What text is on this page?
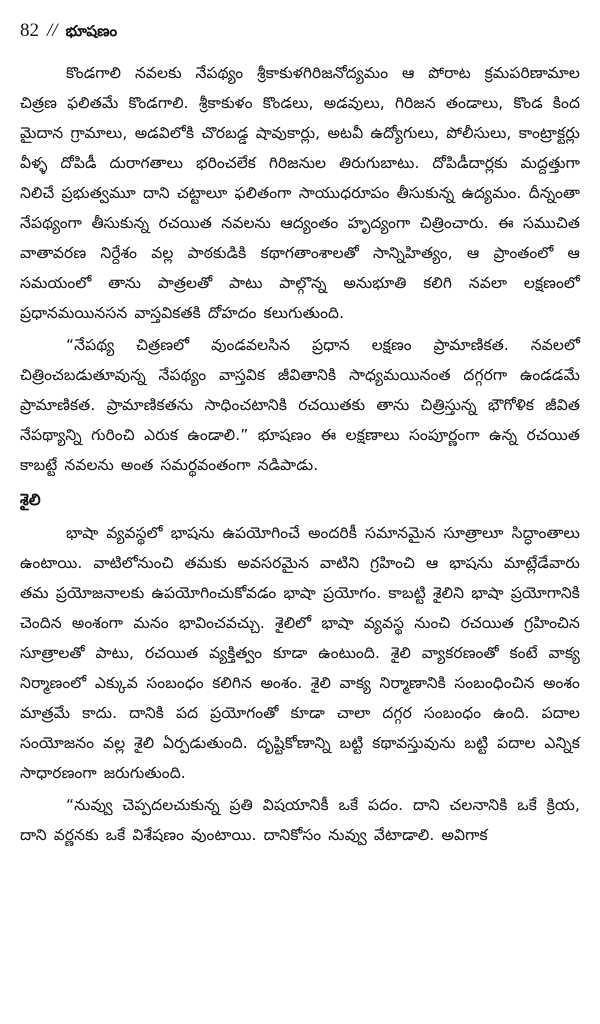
82 // భూషణం

కొండగాలి నవలకు నేపథ్యం శ్రీకాకుళగిరిజనోద్యమం ఆ పోరాట క్రమపరిణామాల చిత్రణ ఫలితమే కొండగాలి. శ్రీకాకుళం కొండలు, అడవులు, గిరిజన తండాలు, కొండ కింద మైదాన గ్రామాలు, అడవిలోకి చొరబడ్డ షావుకార్లు, అటవీ ఉద్యోగులు, పోలీసులు, కాంట్రాక్టర్లు వీళ్ళ దోపిడీ దురాగతాలు భరించలేక గిరిజనుల తిరుగుబాటు. దోపిడీదార్లకు మద్దత్తుగా నిలిచే ప్రభుత్వమూ దాని చట్టాలూ ఫలితంగా సాయుధరూపం తీసుకున్న ఉద్యమం. దీన్నంతా నేపథ్యంగా తీసుకున్న రచయిత నవలను ఆద్యంతం హృద్యంగా చిత్రించారు. ఈ సముచిత వాతావరణ నిర్దేశం వల్ల పాఠకుడికి కథాగతాంశాలతో సాన్నిహిత్యం, ఆ ప్రాంతంలో ఆ సమయంలో తాను పాత్రలతో పాటు పాల్గొన్న అనుభూతి కలిగి నవలా లక్షణంలో ప్రధానమయినసన వాస్తవికతకి దోహదం కలుగుతుంది.

“నేపథ్య చిత్రణలో వుండవలసిన ప్రధాన లక్షణం ప్రామాణికత. నవలలో చిత్రించబడుతూవున్న నేపథ్యం వాస్తవిక జీవితానికి సాధ్యమయినంత దగ్గరగా ఉండడమే ప్రామాణికత. ప్రామాణికతను సాధించటానికి రచయితకు తాను చిత్రిస్తున్న భౌగోళిక జీవిత నేపథ్యాన్ని గురించి ఎరుక ఉండాలి.” భూషణం ఈ లక్షణాలు సంపూర్ణంగా ఉన్న రచయిత కాబట్టే నవలను అంత సమర్థవంతంగా నడిపాడు.

శైలి

భాషా వ్యవస్థలో భాషను ఉపయోగించే అందరికీ సమానమైన సూత్రాలూ సిద్ధాంతాలు ఉంటాయి. వాటిలోనుంచి తమకు అవసరమైన వాటిని గ్రహించి ఆ భాషను మాట్లేడేవారు తమ ప్రయోజనాలకు ఉపయోగించుకోవడం భాషా ప్రయోగం. కాబట్టి శైలిని భాషా ప్రయోగానికి చెందిన అంశంగా మనం భావించవచ్చు. శైలిలో భాషా వ్యవస్థ నుంచి రచయిత గ్రహించిన సూత్రాలతో పాటు, రచయిత వ్యక్తిత్వం కూడా ఉంటుంది. శైలి వ్యాకరణంతో కంటే వాక్య నిర్మాణంలో ఎక్కువ సంబంధం కలిగిన అంశం. శైలి వాక్య నిర్మాణానికి సంబంధించిన అంశం మాత్రమే కాదు. దానికి పద ప్రయోగంతో కూడా చాలా దగ్గర సంబంధం ఉంది. పదాల సంయోజనం వల్ల శైలి ఏర్పడుతుంది. దృష్టికోణాన్ని బట్టి కథావస్తువును బట్టి పదాల ఎన్నిక సాధారణంగా జరుగుతుంది.

“నువ్వు చెప్పదలచుకున్న ప్రతి విషయానికీ ఒకే పదం. దాని చలనానికి ఒకే క్రియ, దాని వర్ణనకు ఒకే విశేషణం వుంటాయి. దానికోసం నువ్వు వేటాడాలి. అవిగాక
